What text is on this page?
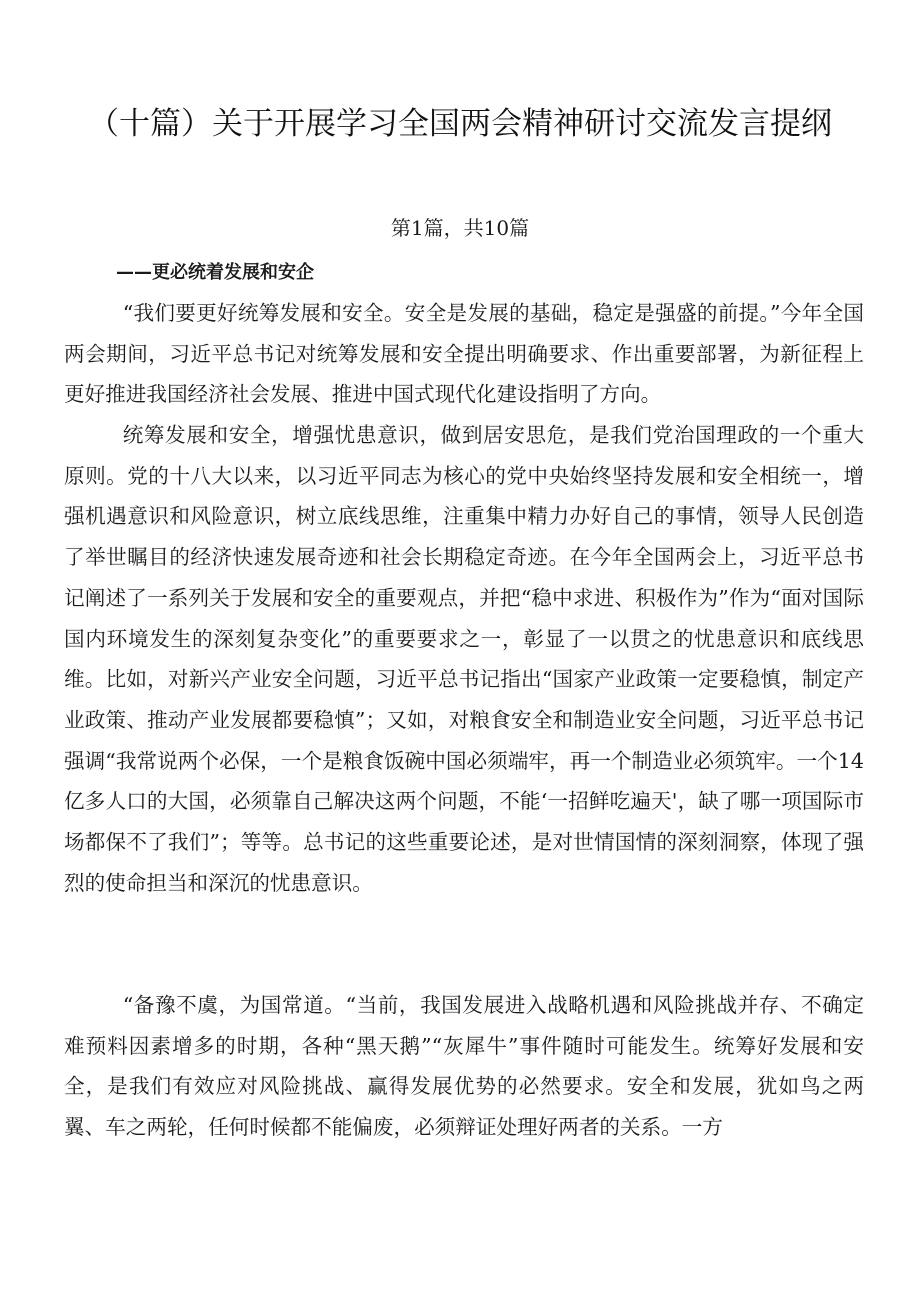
（十篇）关于开展学习全国两会精神研讨交流发言提纲
第1篇，共10篇
——更必统着发展和安企

“我们要更好统筹发展和安全。安全是发展的基础，稳定是强盛的前提。”今年全国两会期间，习近平总书记对统筹发展和安全提出明确要求、作出重要部署，为新征程上更好推进我国经济社会发展、推进中国式现代化建设指明了方向。

统筹发展和安全，增强忧患意识，做到居安思危，是我们党治国理政的一个重大原则。党的十八大以来，以习近平同志为核心的党中央始终坚持发展和安全相统一，增强机遇意识和风险意识，树立底线思维，注重集中精力办好自己的事情，领导人民创造了举世瞩目的经济快速发展奇迹和社会长期稳定奇迹。在今年全国两会上，习近平总书记阐述了一系列关于发展和安全的重要观点，并把“稳中求进、积极作为”作为“面对国际国内环境发生的深刻复杂变化”的重要要求之一，彰显了一以贯之的忧患意识和底线思维。比如，对新兴产业安全问题，习近平总书记指出“国家产业政策一定要稳慎，制定产业政策、推动产业发展都要稳慎”；又如，对粮食安全和制造业安全问题，习近平总书记强调“我常说两个必保，一个是粮食饭碗中国必须端牢，再一个制造业必须筑牢。一个14亿多人口的大国，必须靠自己解决这两个问题，不能‘一招鲜吃遍天'，缺了哪一项国际市场都保不了我们”；等等。总书记的这些重要论述，是对世情国情的深刻洞察，体现了强烈的使命担当和深沉的忧患意识。

“备豫不虞，为国常道。“当前，我国发展进入战略机遇和风险挑战并存、不确定难预料因素增多的时期，各种“黑天鹅”“灰犀牛”事件随时可能发生。统筹好发展和安全，是我们有效应对风险挑战、赢得发展优势的必然要求。安全和发展，犹如鸟之两翼、车之两轮，任何时候都不能偏废，必须辩证处理好两者的关系。一方
